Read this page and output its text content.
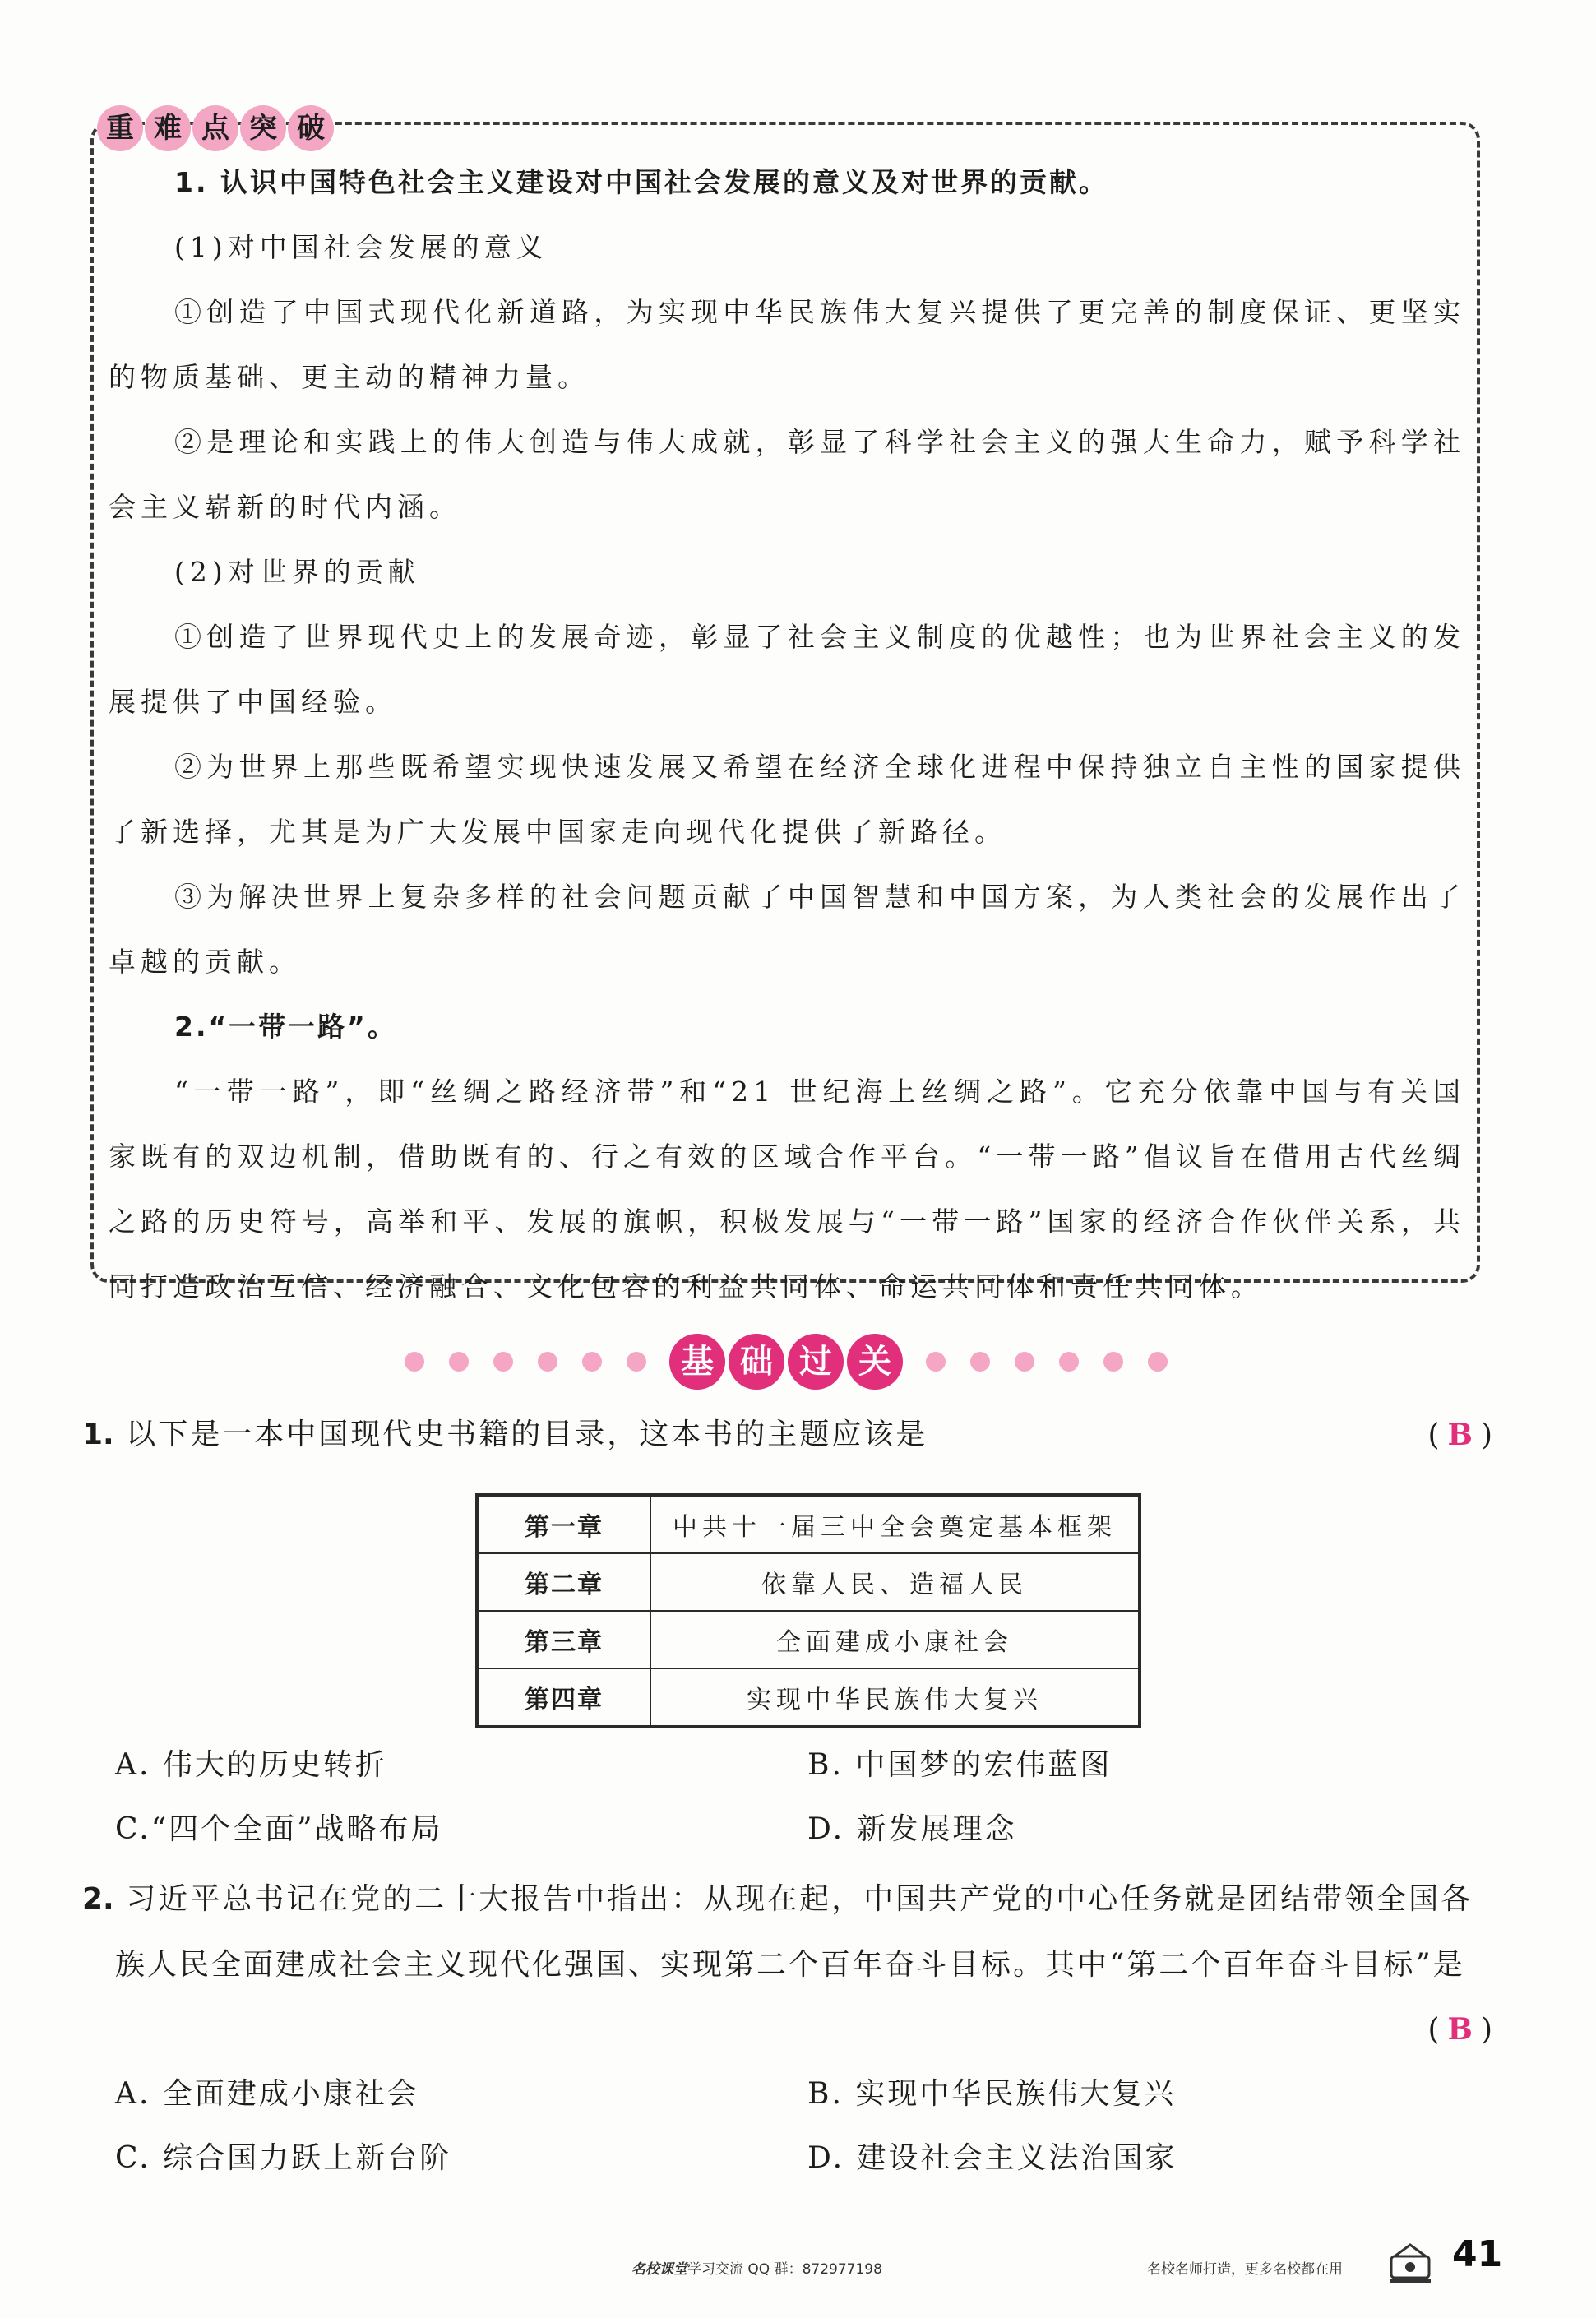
重 难 点 突 破

1. 认识中国特色社会主义建设对中国社会发展的意义及对世界的贡献。

(1)对中国社会发展的意义

①创造了中国式现代化新道路，为实现中华民族伟大复兴提供了更完善的制度保证、更坚实的物质基础、更主动的精神力量。

②是理论和实践上的伟大创造与伟大成就，彰显了科学社会主义的强大生命力，赋予科学社会主义崭新的时代内涵。

(2)对世界的贡献

①创造了世界现代史上的发展奇迹，彰显了社会主义制度的优越性；也为世界社会主义的发展提供了中国经验。

②为世界上那些既希望实现快速发展又希望在经济全球化进程中保持独立自主性的国家提供了新选择，尤其是为广大发展中国家走向现代化提供了新路径。

③为解决世界上复杂多样的社会问题贡献了中国智慧和中国方案，为人类社会的发展作出了卓越的贡献。

2.“一带一路”。

“一带一路”，即“丝绸之路经济带”和“21 世纪海上丝绸之路”。它充分依靠中国与有关国家既有的双边机制，借助既有的、行之有效的区域合作平台。“一带一路”倡议旨在借用古代丝绸之路的历史符号，高举和平、发展的旗帜，积极发展与“一带一路”国家的经济合作伙伴关系，共同打造政治互信、经济融合、文化包容的利益共同体、命运共同体和责任共同体。

基 础 过 关
1. 以下是一本中国现代史书籍的目录，这本书的主题应该是	(B)
第一章	中共十一届三中全会奠定基本框架
第二章	依靠人民、造福人民
第三章	全面建成小康社会
第四章	实现中华民族伟大复兴
A. 伟大的历史转折	B. 中国梦的宏伟蓝图
C.“四个全面”战略布局	D. 新发展理念
2. 习近平总书记在党的二十大报告中指出：从现在起，中国共产党的中心任务就是团结带领全国各
族人民全面建成社会主义现代化强国、实现第二个百年奋斗目标。其中“第二个百年奋斗目标”是
(B)
A. 全面建成小康社会	B. 实现中华民族伟大复兴
C. 综合国力跃上新台阶	D. 建设社会主义法治国家
名校课堂学习交流 QQ 群：872977198	名校名师打造，更多名校都在用	41
